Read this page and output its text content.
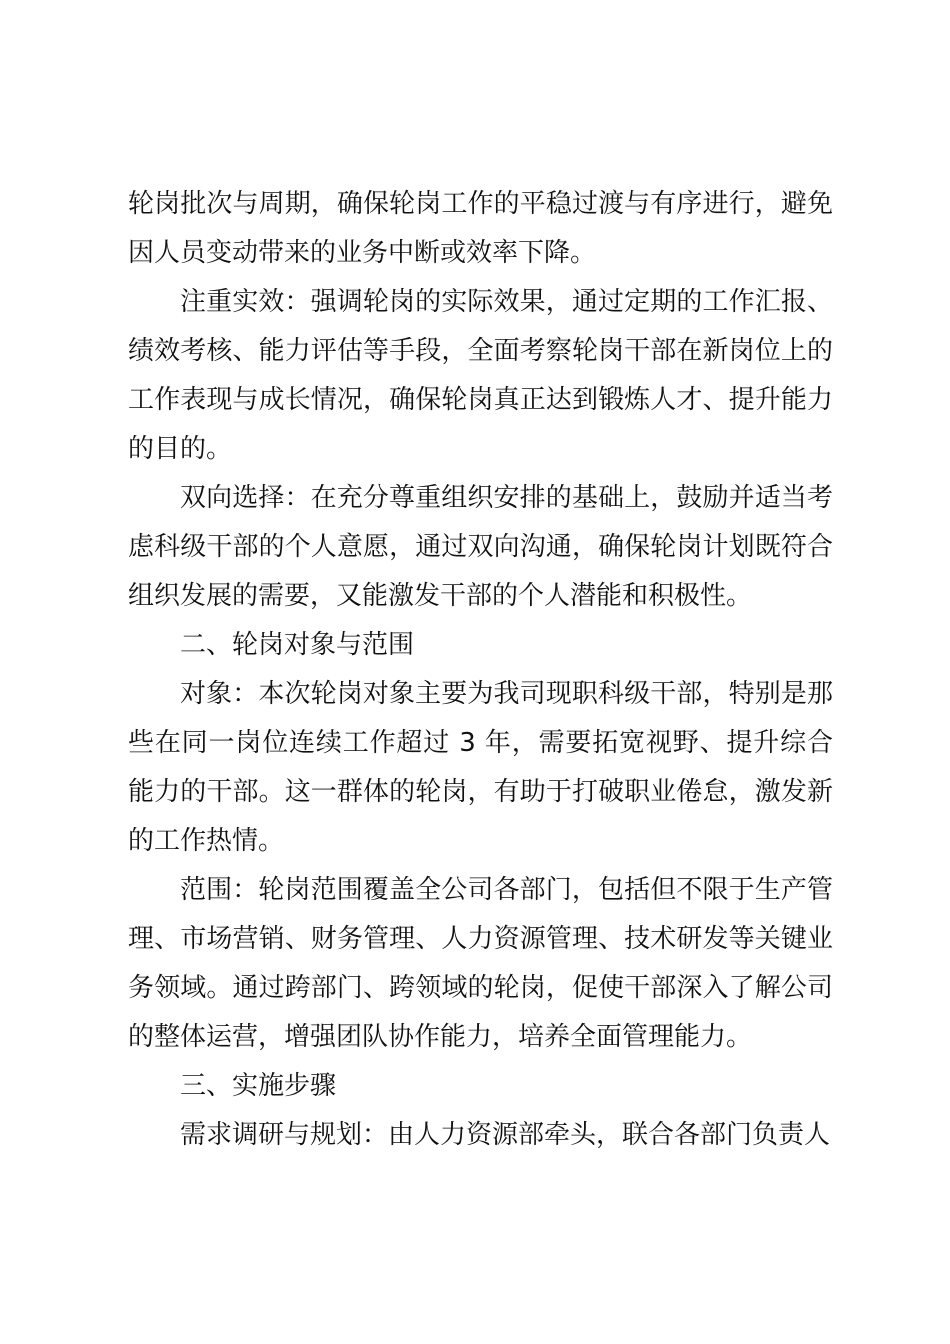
轮岗批次与周期，确保轮岗工作的平稳过渡与有序进行，避免因人员变动带来的业务中断或效率下降。

注重实效：强调轮岗的实际效果，通过定期的工作汇报、绩效考核、能力评估等手段，全面考察轮岗干部在新岗位上的工作表现与成长情况，确保轮岗真正达到锻炼人才、提升能力的目的。

双向选择：在充分尊重组织安排的基础上，鼓励并适当考虑科级干部的个人意愿，通过双向沟通，确保轮岗计划既符合组织发展的需要，又能激发干部的个人潜能和积极性。

二、轮岗对象与范围

对象：本次轮岗对象主要为我司现职科级干部，特别是那些在同一岗位连续工作超过 3 年，需要拓宽视野、提升综合能力的干部。这一群体的轮岗，有助于打破职业倦怠，激发新的工作热情。

范围：轮岗范围覆盖全公司各部门，包括但不限于生产管理、市场营销、财务管理、人力资源管理、技术研发等关键业务领域。通过跨部门、跨领域的轮岗，促使干部深入了解公司的整体运营，增强团队协作能力，培养全面管理能力。

三、实施步骤

需求调研与规划：由人力资源部牵头，联合各部门负责人
